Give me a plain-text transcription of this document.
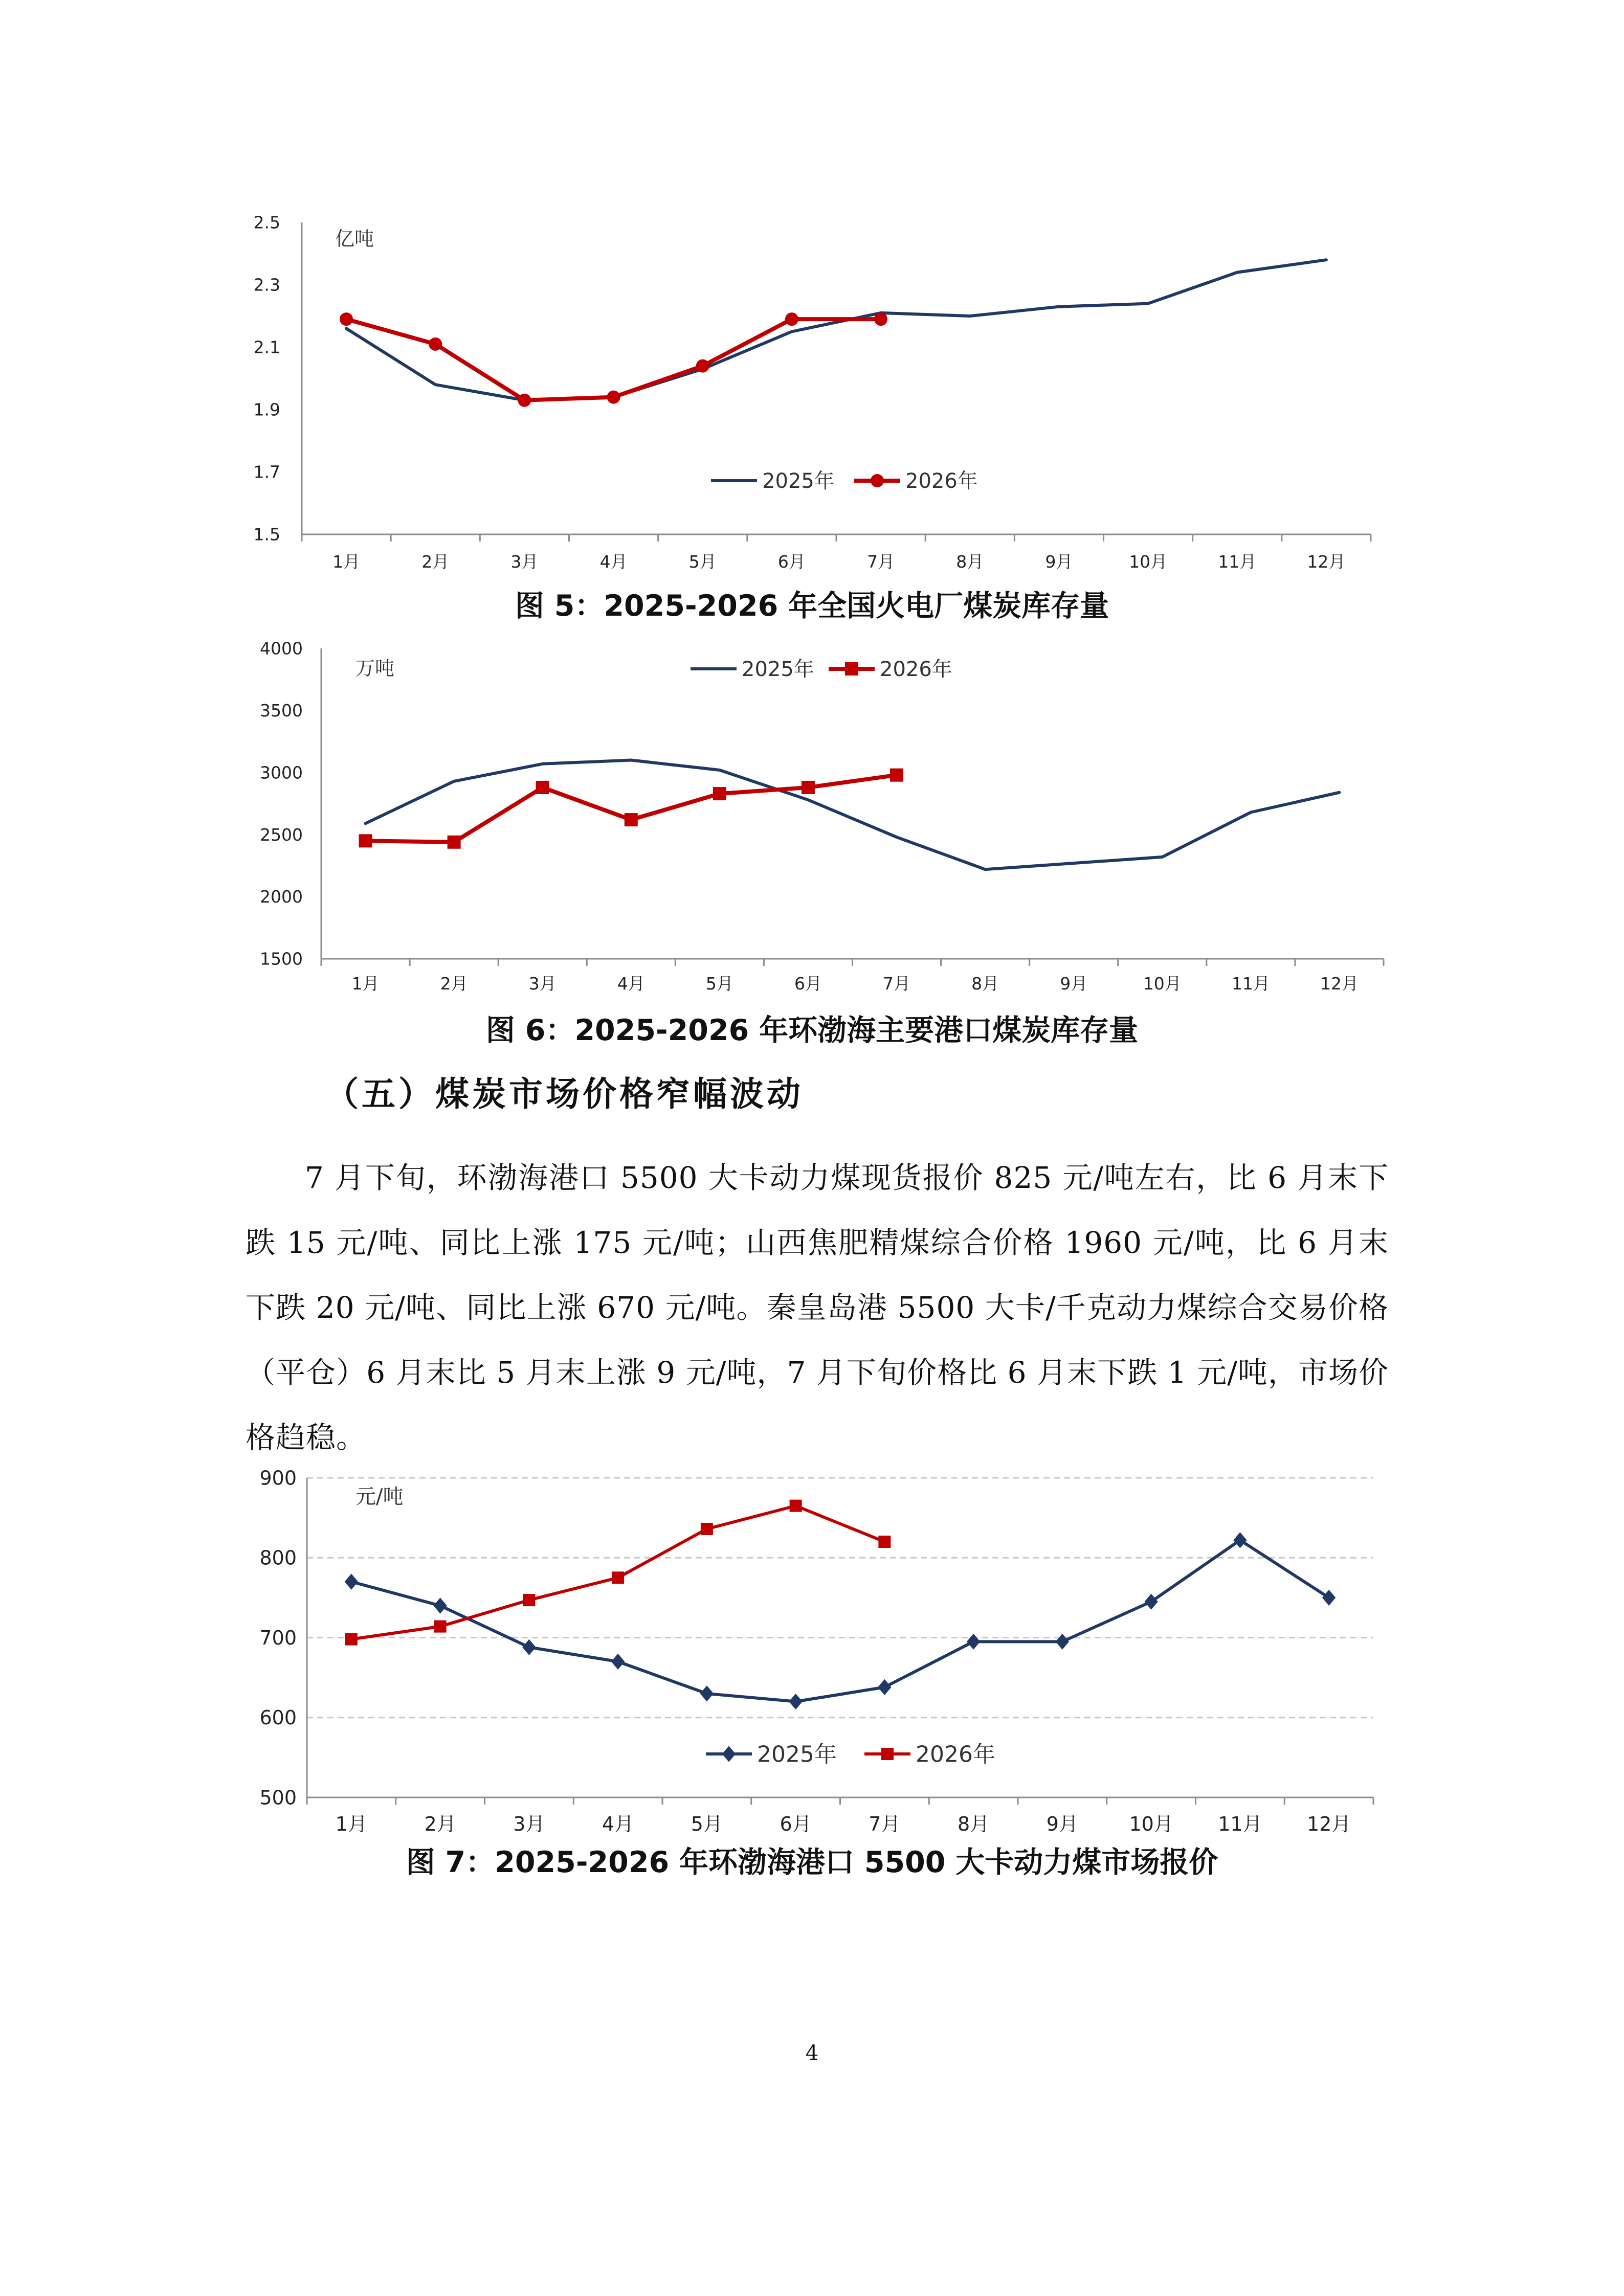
1.5
1.7
1.9
2.1
2.3
2.5
1月	2月	3月	4月	5月	6月	7月	8月	9月	10月	11月	12月
亿吨
2025年	2026年

图 5：2025-2026 年全国火电厂煤炭库存量

1500
2000
2500
3000
3500
4000
1月	2月	3月	4月	5月	6月	7月	8月	9月	10月	11月	12月
万吨	2025年	2026年

图 6：2025-2026 年环渤海主要港口煤炭库存量

（五）煤炭市场价格窄幅波动

7 月下旬，环渤海港口 5500 大卡动力煤现货报价 825 元/吨左右，比 6 月末下跌 15 元/吨、同比上涨 175 元/吨；山西焦肥精煤综合价格 1960 元/吨，比 6 月末下跌 20 元/吨、同比上涨 670 元/吨。秦皇岛港 5500 大卡/千克动力煤综合交易价格（平仓）6 月末比 5 月末上涨 9 元/吨，7 月下旬价格比 6 月末下跌 1 元/吨，市场价格趋稳。

500
600
700
800
900
1月	2月	3月	4月	5月	6月	7月	8月	9月	10月 11月 12月
元/吨
2025年	2026年

图 7：2025-2026 年环渤海港口 5500 大卡动力煤市场报价

4
